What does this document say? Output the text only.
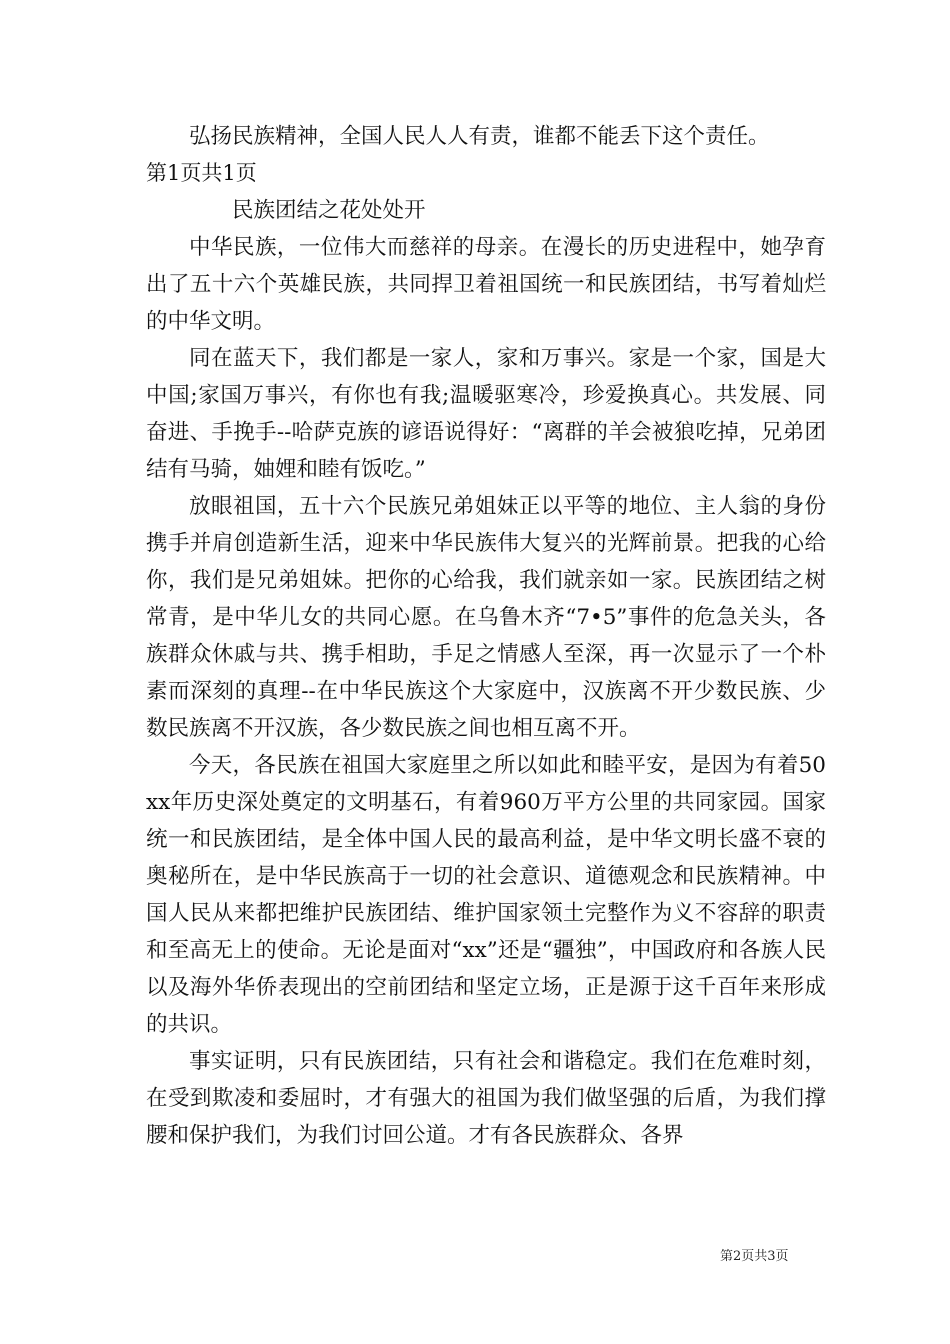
弘扬民族精神，全国人民人人有责，谁都不能丢下这个责任。

第1页共1页

民族团结之花处处开

中华民族，一位伟大而慈祥的母亲。在漫长的历史进程中，她孕育出了五十六个英雄民族，共同捍卫着祖国统一和民族团结，书写着灿烂的中华文明。

同在蓝天下，我们都是一家人，家和万事兴。家是一个家，国是大中国;家国万事兴，有你也有我;温暖驱寒冷，珍爱换真心。共发展、同奋进、手挽手--哈萨克族的谚语说得好：“离群的羊会被狼吃掉，兄弟团结有马骑，妯娌和睦有饭吃。”

放眼祖国，五十六个民族兄弟姐妹正以平等的地位、主人翁的身份携手并肩创造新生活，迎来中华民族伟大复兴的光辉前景。把我的心给你，我们是兄弟姐妹。把你的心给我，我们就亲如一家。民族团结之树常青，是中华儿女的共同心愿。在乌鲁木齐“7•5”事件的危急关头，各族群众休戚与共、携手相助，手足之情感人至深，再一次显示了一个朴素而深刻的真理--在中华民族这个大家庭中，汉族离不开少数民族、少数民族离不开汉族，各少数民族之间也相互离不开。

今天，各民族在祖国大家庭里之所以如此和睦平安，是因为有着50xx年历史深处奠定的文明基石，有着960万平方公里的共同家园。国家统一和民族团结，是全体中国人民的最高利益，是中华文明长盛不衰的奥秘所在，是中华民族高于一切的社会意识、道德观念和民族精神。中国人民从来都把维护民族团结、维护国家领土完整作为义不容辞的职责和至高无上的使命。无论是面对“xx”还是“疆独”，中国政府和各族人民以及海外华侨表现出的空前团结和坚定立场，正是源于这千百年来形成的共识。

事实证明，只有民族团结，只有社会和谐稳定。我们在危难时刻，在受到欺凌和委屈时，才有强大的祖国为我们做坚强的后盾，为我们撑腰和保护我们，为我们讨回公道。才有各民族群众、各界

第2页共3页
